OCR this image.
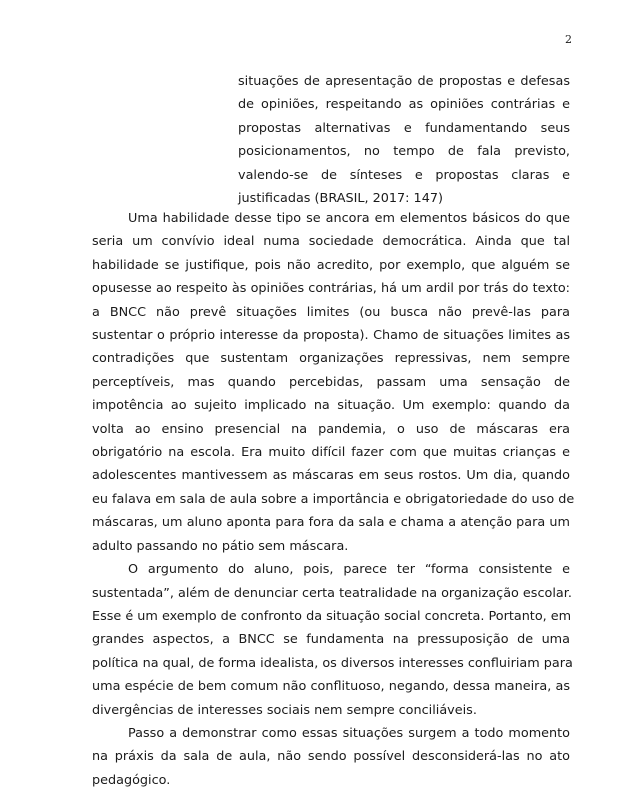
2
situações de apresentação de propostas e defesas
de opiniões, respeitando as opiniões contrárias e
propostas alternativas e fundamentando seus
posicionamentos, no tempo de fala previsto,
valendo-se de sínteses e propostas claras e
justificadas (BRASIL, 2017: 147)

Uma habilidade desse tipo se ancora em elementos básicos do que
seria um convívio ideal numa sociedade democrática. Ainda que tal
habilidade se justifique, pois não acredito, por exemplo, que alguém se
opusesse ao respeito às opiniões contrárias, há um ardil por trás do texto:
a BNCC não prevê situações limites (ou busca não prevê-las para
sustentar o próprio interesse da proposta). Chamo de situações limites as
contradições que sustentam organizações repressivas, nem sempre
perceptíveis, mas quando percebidas, passam uma sensação de
impotência ao sujeito implicado na situação. Um exemplo: quando da
volta ao ensino presencial na pandemia, o uso de máscaras era
obrigatório na escola. Era muito difícil fazer com que muitas crianças e
adolescentes mantivessem as máscaras em seus rostos. Um dia, quando
eu falava em sala de aula sobre a importância e obrigatoriedade do uso de
máscaras, um aluno aponta para fora da sala e chama a atenção para um
adulto passando no pátio sem máscara.

O argumento do aluno, pois, parece ter “forma consistente e
sustentada”, além de denunciar certa teatralidade na organização escolar.
Esse é um exemplo de confronto da situação social concreta. Portanto, em
grandes aspectos, a BNCC se fundamenta na pressuposição de uma
política na qual, de forma idealista, os diversos interesses confluiriam para
uma espécie de bem comum não conflituoso, negando, dessa maneira, as
divergências de interesses sociais nem sempre conciliáveis.

Passo a demonstrar como essas situações surgem a todo momento
na práxis da sala de aula, não sendo possível desconsiderá-las no ato
pedagógico.
